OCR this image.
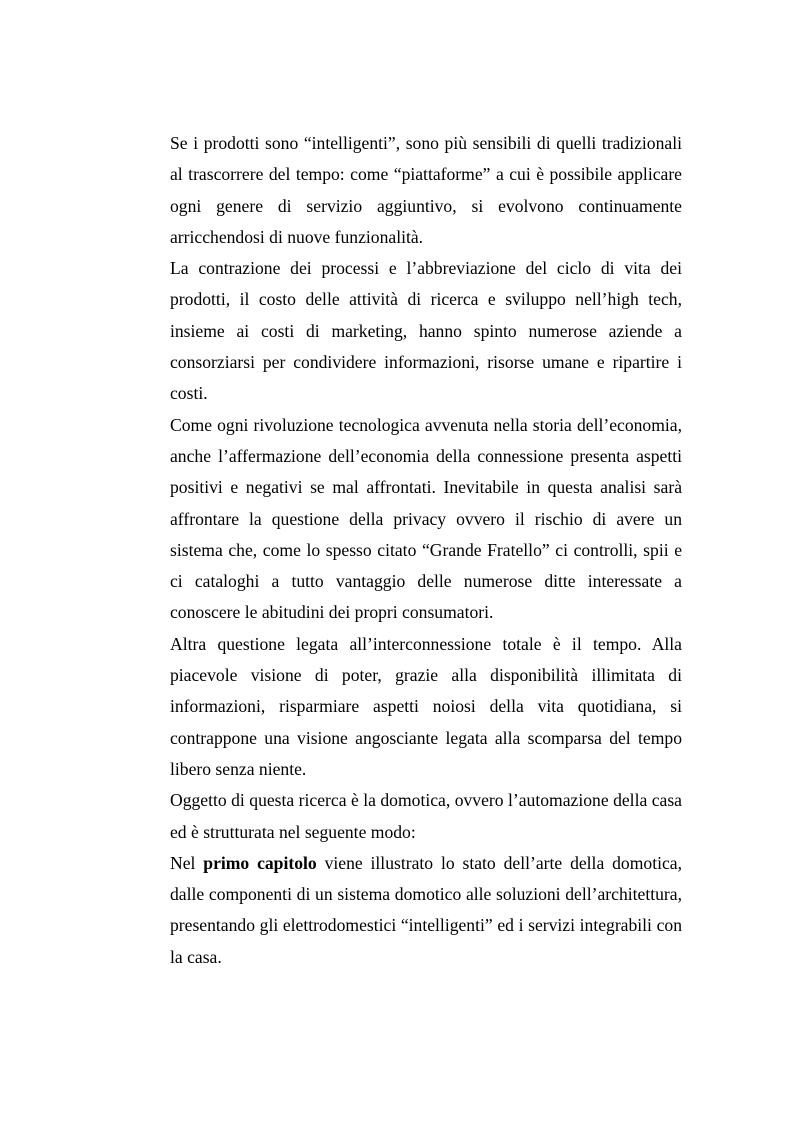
Se i prodotti sono “intelligenti”, sono più sensibili di quelli tradizionali al trascorrere del tempo: come “piattaforme” a cui è possibile applicare ogni genere di servizio aggiuntivo, si evolvono continuamente arricchendosi di nuove funzionalità.

La contrazione dei processi e l’abbreviazione del ciclo di vita dei prodotti, il costo delle attività di ricerca e sviluppo nell’high tech, insieme ai costi di marketing, hanno spinto numerose aziende a consorziarsi per condividere informazioni, risorse umane e ripartire i costi.

Come ogni rivoluzione tecnologica avvenuta nella storia dell’economia, anche l’affermazione dell’economia della connessione presenta aspetti positivi e negativi se mal affrontati. Inevitabile in questa analisi sarà affrontare la questione della privacy ovvero il rischio di avere un sistema che, come lo spesso citato “Grande Fratello” ci controlli, spii e ci cataloghi a tutto vantaggio delle numerose ditte interessate a conoscere le abitudini dei propri consumatori.

Altra questione legata all’interconnessione totale è il tempo. Alla piacevole visione di poter, grazie alla disponibilità illimitata di informazioni, risparmiare aspetti noiosi della vita quotidiana, si contrappone una visione angosciante legata alla scomparsa del tempo libero senza niente.

Oggetto di questa ricerca è la domotica, ovvero l’automazione della casa ed è strutturata nel seguente modo:

Nel primo capitolo viene illustrato lo stato dell’arte della domotica, dalle componenti di un sistema domotico alle soluzioni dell’architettura, presentando gli elettrodomestici “intelligenti” ed i servizi integrabili con la casa.
